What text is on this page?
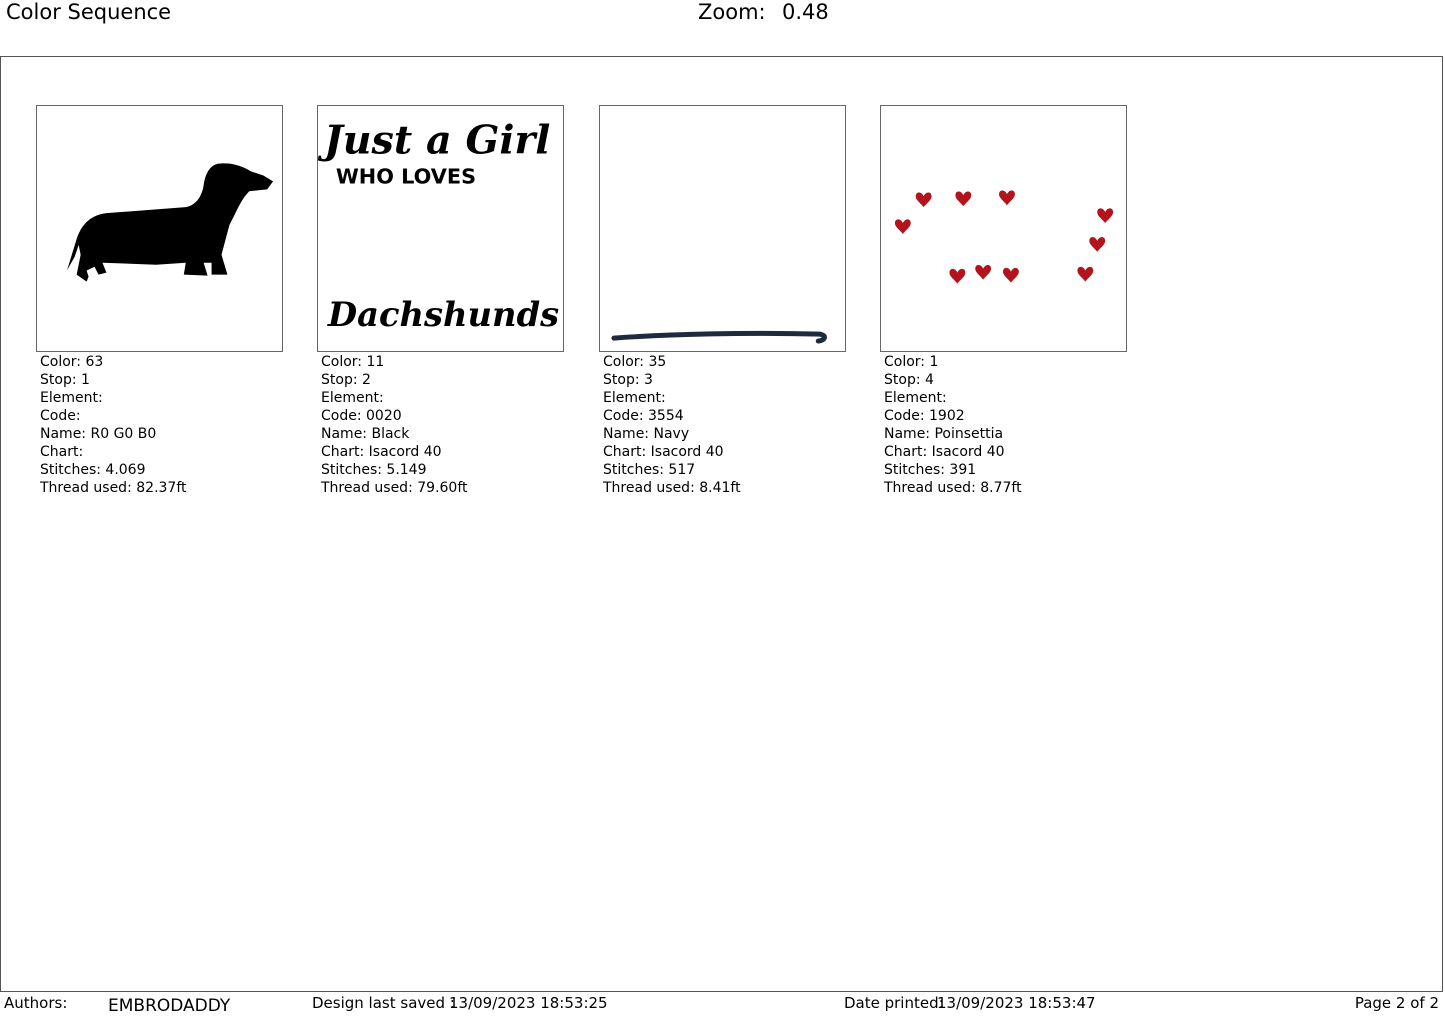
Color Sequence	Zoom: 0.48
Color: 63
Stop: 1
Element:
Code:
Name: R0 G0 B0
Chart:
Stitches: 4.069
Thread used: 82.37ft
Just a Girl
WHO LOVES
Dachshunds
Color: 11
Stop: 2
Element:
Code: 0020
Name: Black
Chart: Isacord 40
Stitches: 5.149
Thread used: 79.60ft
Color: 35
Stop: 3
Element:
Code: 3554
Name: Navy
Chart: Isacord 40
Stitches: 517
Thread used: 8.41ft
Color: 1
Stop: 4
Element:
Code: 1902
Name: Poinsettia
Chart: Isacord 40
Stitches: 391
Thread used: 8.77ft
Authors: EMBRODADDY	Design last saved :
13/09/2023 18:53:25	Date printed:
13/09/2023 18:53:47	Page 2 of 2
